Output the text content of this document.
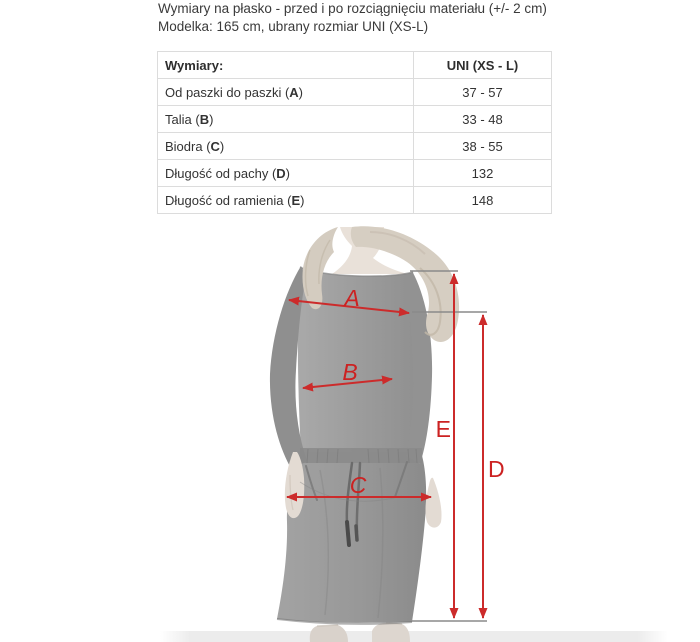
Wymiary na płasko - przed i po rozciągnięciu materiału (+/- 2 cm)
Modelka: 165 cm, ubrany rozmiar UNI (XS-L)
Wymiary:	UNI (XS - L)
Od paszki do paszki (A)	37 - 57
Talia (B)	33 - 48
Biodra (C)	38 - 55
Długość od pachy (D)	132
Długość od ramienia (E)	148
A
B
C
E
D
